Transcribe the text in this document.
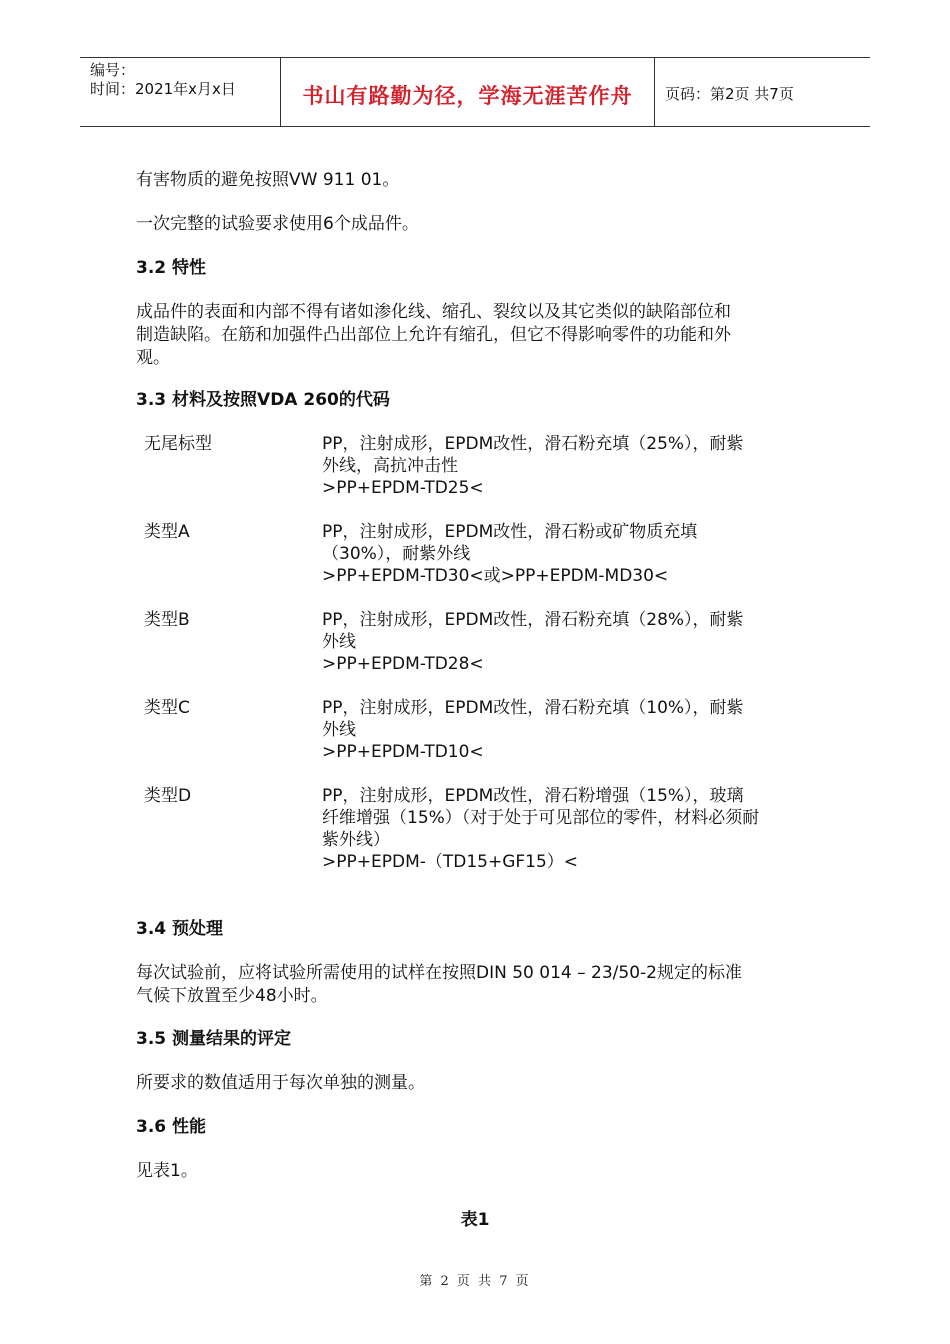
编号：
时间：2021年x月x日	书山有路勤为径，学海无涯苦作舟	页码：第2页 共7页

有害物质的避免按照VW 911 01。

一次完整的试验要求使用6个成品件。

3.2 特性

成品件的表面和内部不得有诸如渗化线、缩孔、裂纹以及其它类似的缺陷部位和
制造缺陷。在筋和加强件凸出部位上允许有缩孔，但它不得影响零件的功能和外
观。

3.3 材料及按照VDA 260的代码

无尾标型	PP，注射成形，EPDM改性，滑石粉充填（25%），耐紫
外线，高抗冲击性
>PP+EPDM-TD25<
类型A	PP，注射成形，EPDM改性，滑石粉或矿物质充填
（30%），耐紫外线
>PP+EPDM-TD30<或>PP+EPDM-MD30<
类型B	PP，注射成形，EPDM改性，滑石粉充填（28%），耐紫
外线
>PP+EPDM-TD28<
类型C	PP，注射成形，EPDM改性，滑石粉充填（10%），耐紫
外线
>PP+EPDM-TD10<
类型D	PP，注射成形，EPDM改性，滑石粉增强（15%），玻璃
纤维增强（15%）（对于处于可见部位的零件，材料必须耐
紫外线）
>PP+EPDM-（TD15+GF15）<

3.4 预处理

每次试验前，应将试验所需使用的试样在按照DIN 50 014 – 23/50-2规定的标准
气候下放置至少48小时。

3.5 测量结果的评定

所要求的数值适用于每次单独的测量。

3.6 性能

见表1。

表1
第 2 页 共 7 页
